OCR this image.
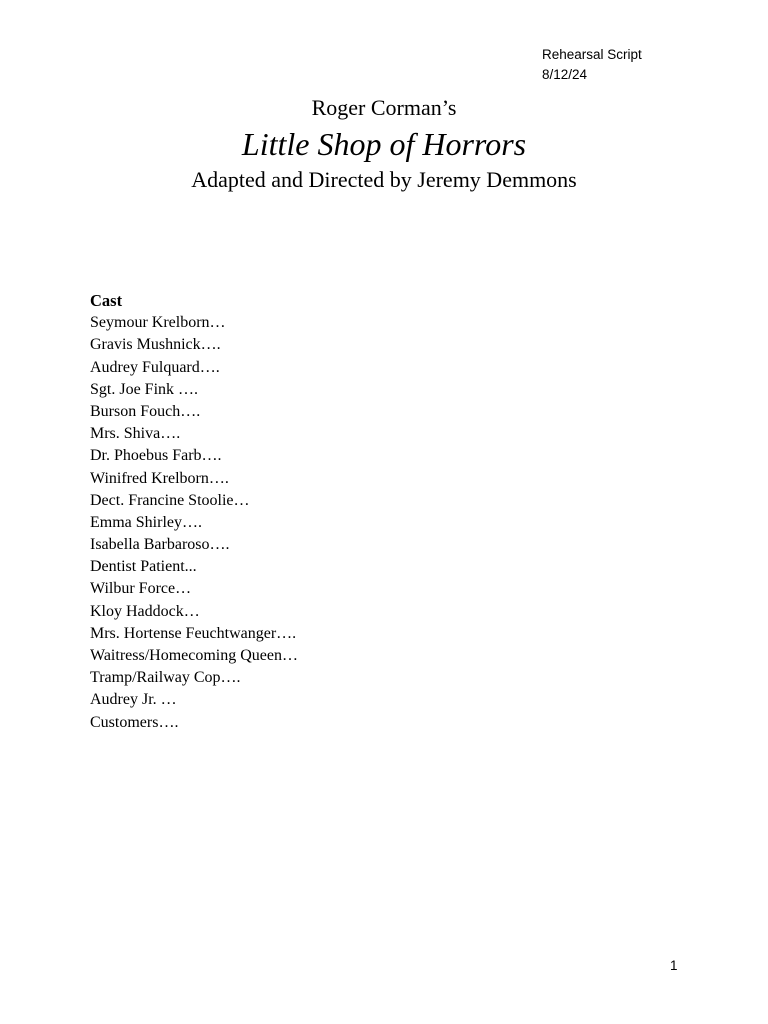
Rehearsal Script
8/12/24
Roger Corman’s
Little Shop of Horrors
Adapted and Directed by Jeremy Demmons
Cast
Seymour Krelborn…
Gravis Mushnick….
Audrey Fulquard….
Sgt. Joe Fink ….
Burson Fouch….
Mrs. Shiva….
Dr. Phoebus Farb….
Winifred Krelborn….
Dect. Francine Stoolie…
Emma Shirley….
Isabella Barbaroso….
Dentist Patient...
Wilbur Force…
Kloy Haddock…
Mrs. Hortense Feuchtwanger….
Waitress/Homecoming Queen…
Tramp/Railway Cop….
Audrey Jr. …
Customers….
1
